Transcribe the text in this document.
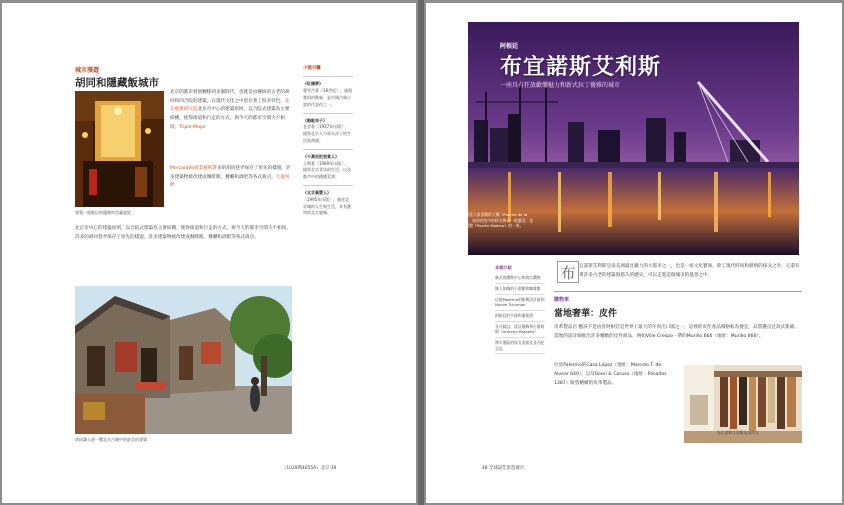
城市漫遊
胡同和隱藏飯城市
建築一座飯店的隱秘的美麗庭院
北京的都市發展轉移到多個時代，也就是由傳統的古老的胡同和四合院的建築，在現代文化之中留存著了很多特色。北京藝術研究院北京市中心的建築原則，以合院式建築為主要結構，使得街道和行走的方式，與今天的都市空間大不相同。Triple-Major
Mercantile商業藝術許多的胡同巷弄保存了原先的樣貌，許多建築物被改建成咖啡館、餐廳和酒吧等各式商店。大運河畔
北京市中心的建築原則，以合院式建築為主要結構，使得街道和行走的方式，與今天的都市空間大不相同。許多的胡同巷弄保存了原先的樣貌，許多建築物被改建成咖啡館、餐廳和酒吧等各式商店。
小提示欄
《紅樓夢》
曹雪芹著（18世紀），描寫賈府的興衰，是中國古典小說的代表作之一。
《駱駝祥子》
老舍著（1937年出版），描寫北京人力車夫祥子的生活與命運。
《千萬別把我當人》
王朔著（1989年出版），描寫北京青年的生活，以及都市中的種種荒謬。
《北京棄嬰人》
（1995年出版），描述北京城的人生與生活，具有濃厚的北京風味。
胡同讓人遊一覽北京古城中的最美的建築
（1029期4055A）北京 39
阿根廷
布宜諾斯艾利斯
一座具有狂放歡樂魅力和新式拉丁優雅的城市
這是阿根廷人最喜歡的大橋（Puente de la Mujer），如同夜色中的探戈舞者一般優美，也是馬德羅港（Puerto Madero）的一景。
本期介紹
新式的購物中心和商店購物
無人知曉的小酒館和咖啡館
佔地Palermo的新興設計區和Nueve Tucumán
阿根廷的牛排和葡萄酒
各式精品、設計服飾和古董商場（Armería Rossetti）
博卡港區的探戈表演及各式紀念品
布 宜諾斯艾利斯是南美洲最具魅力的大都市之一，也是一座文化寶庫。除了現代時尚和熱情的探戈之外，它還有著許多古老的建築與悠久的歷史，可以走進這個城市的風景之中。
購物車
當地奢華：皮件
皮革製品店 應該不是由於阿根廷是世界上最大的牛肉出口國之一，這裡的皮件產品價格較為便宜，品質優良且款式新穎。當地的設計師推出許多精緻的皮件商品，例如Ville Crespo一帶的Murillo 666（地址：Murillo 666）。
位於Palermo的Casa López（地址：Marcelo T. de Alvear 640），以及Rossi & Caruso（地址：Posadas 1387）販售精緻的皮革製品。
布宜諾斯艾利斯的皮件店
48 全球最佳旅遊城市
